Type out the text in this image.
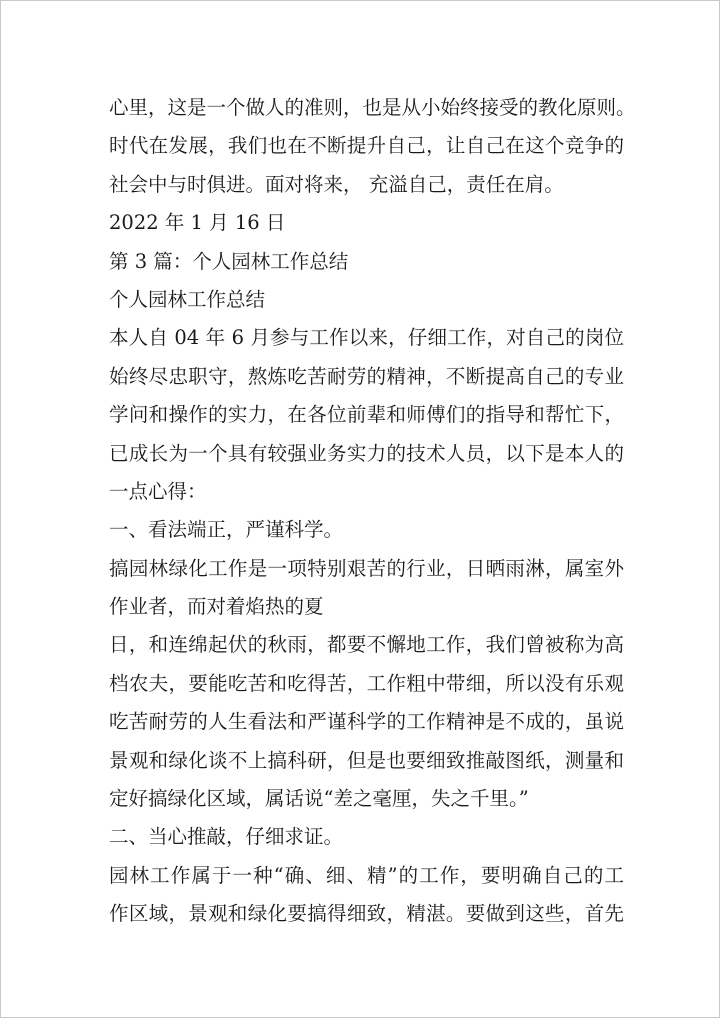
心里，这是一个做人的准则，也是从小始终接受的教化原则。
时代在发展，我们也在不断提升自己，让自己在这个竞争的
社会中与时俱进。面对将来， 充溢自己，责任在肩。
2022 年 1 月 16 日
第 3 篇：个人园林工作总结
个人园林工作总结
本人自 04 年 6 月参与工作以来，仔细工作，对自己的岗位
始终尽忠职守，熬炼吃苦耐劳的精神，不断提高自己的专业
学问和操作的实力，在各位前辈和师傅们的指导和帮忙下，
已成长为一个具有较强业务实力的技术人员，以下是本人的
一点心得：
一、看法端正，严谨科学。
搞园林绿化工作是一项特别艰苦的行业，日晒雨淋，属室外
作业者，而对着焰热的夏
日，和连绵起伏的秋雨，都要不懈地工作，我们曾被称为高
档农夫，要能吃苦和吃得苦，工作粗中带细，所以没有乐观
吃苦耐劳的人生看法和严谨科学的工作精神是不成的，虽说
景观和绿化谈不上搞科研，但是也要细致推敲图纸，测量和
定好搞绿化区域，属话说“差之毫厘，失之千里。”
二、当心推敲，仔细求证。
园林工作属于一种“确、细、精”的工作，要明确自己的工
作区域，景观和绿化要搞得细致，精湛。要做到这些，首先
